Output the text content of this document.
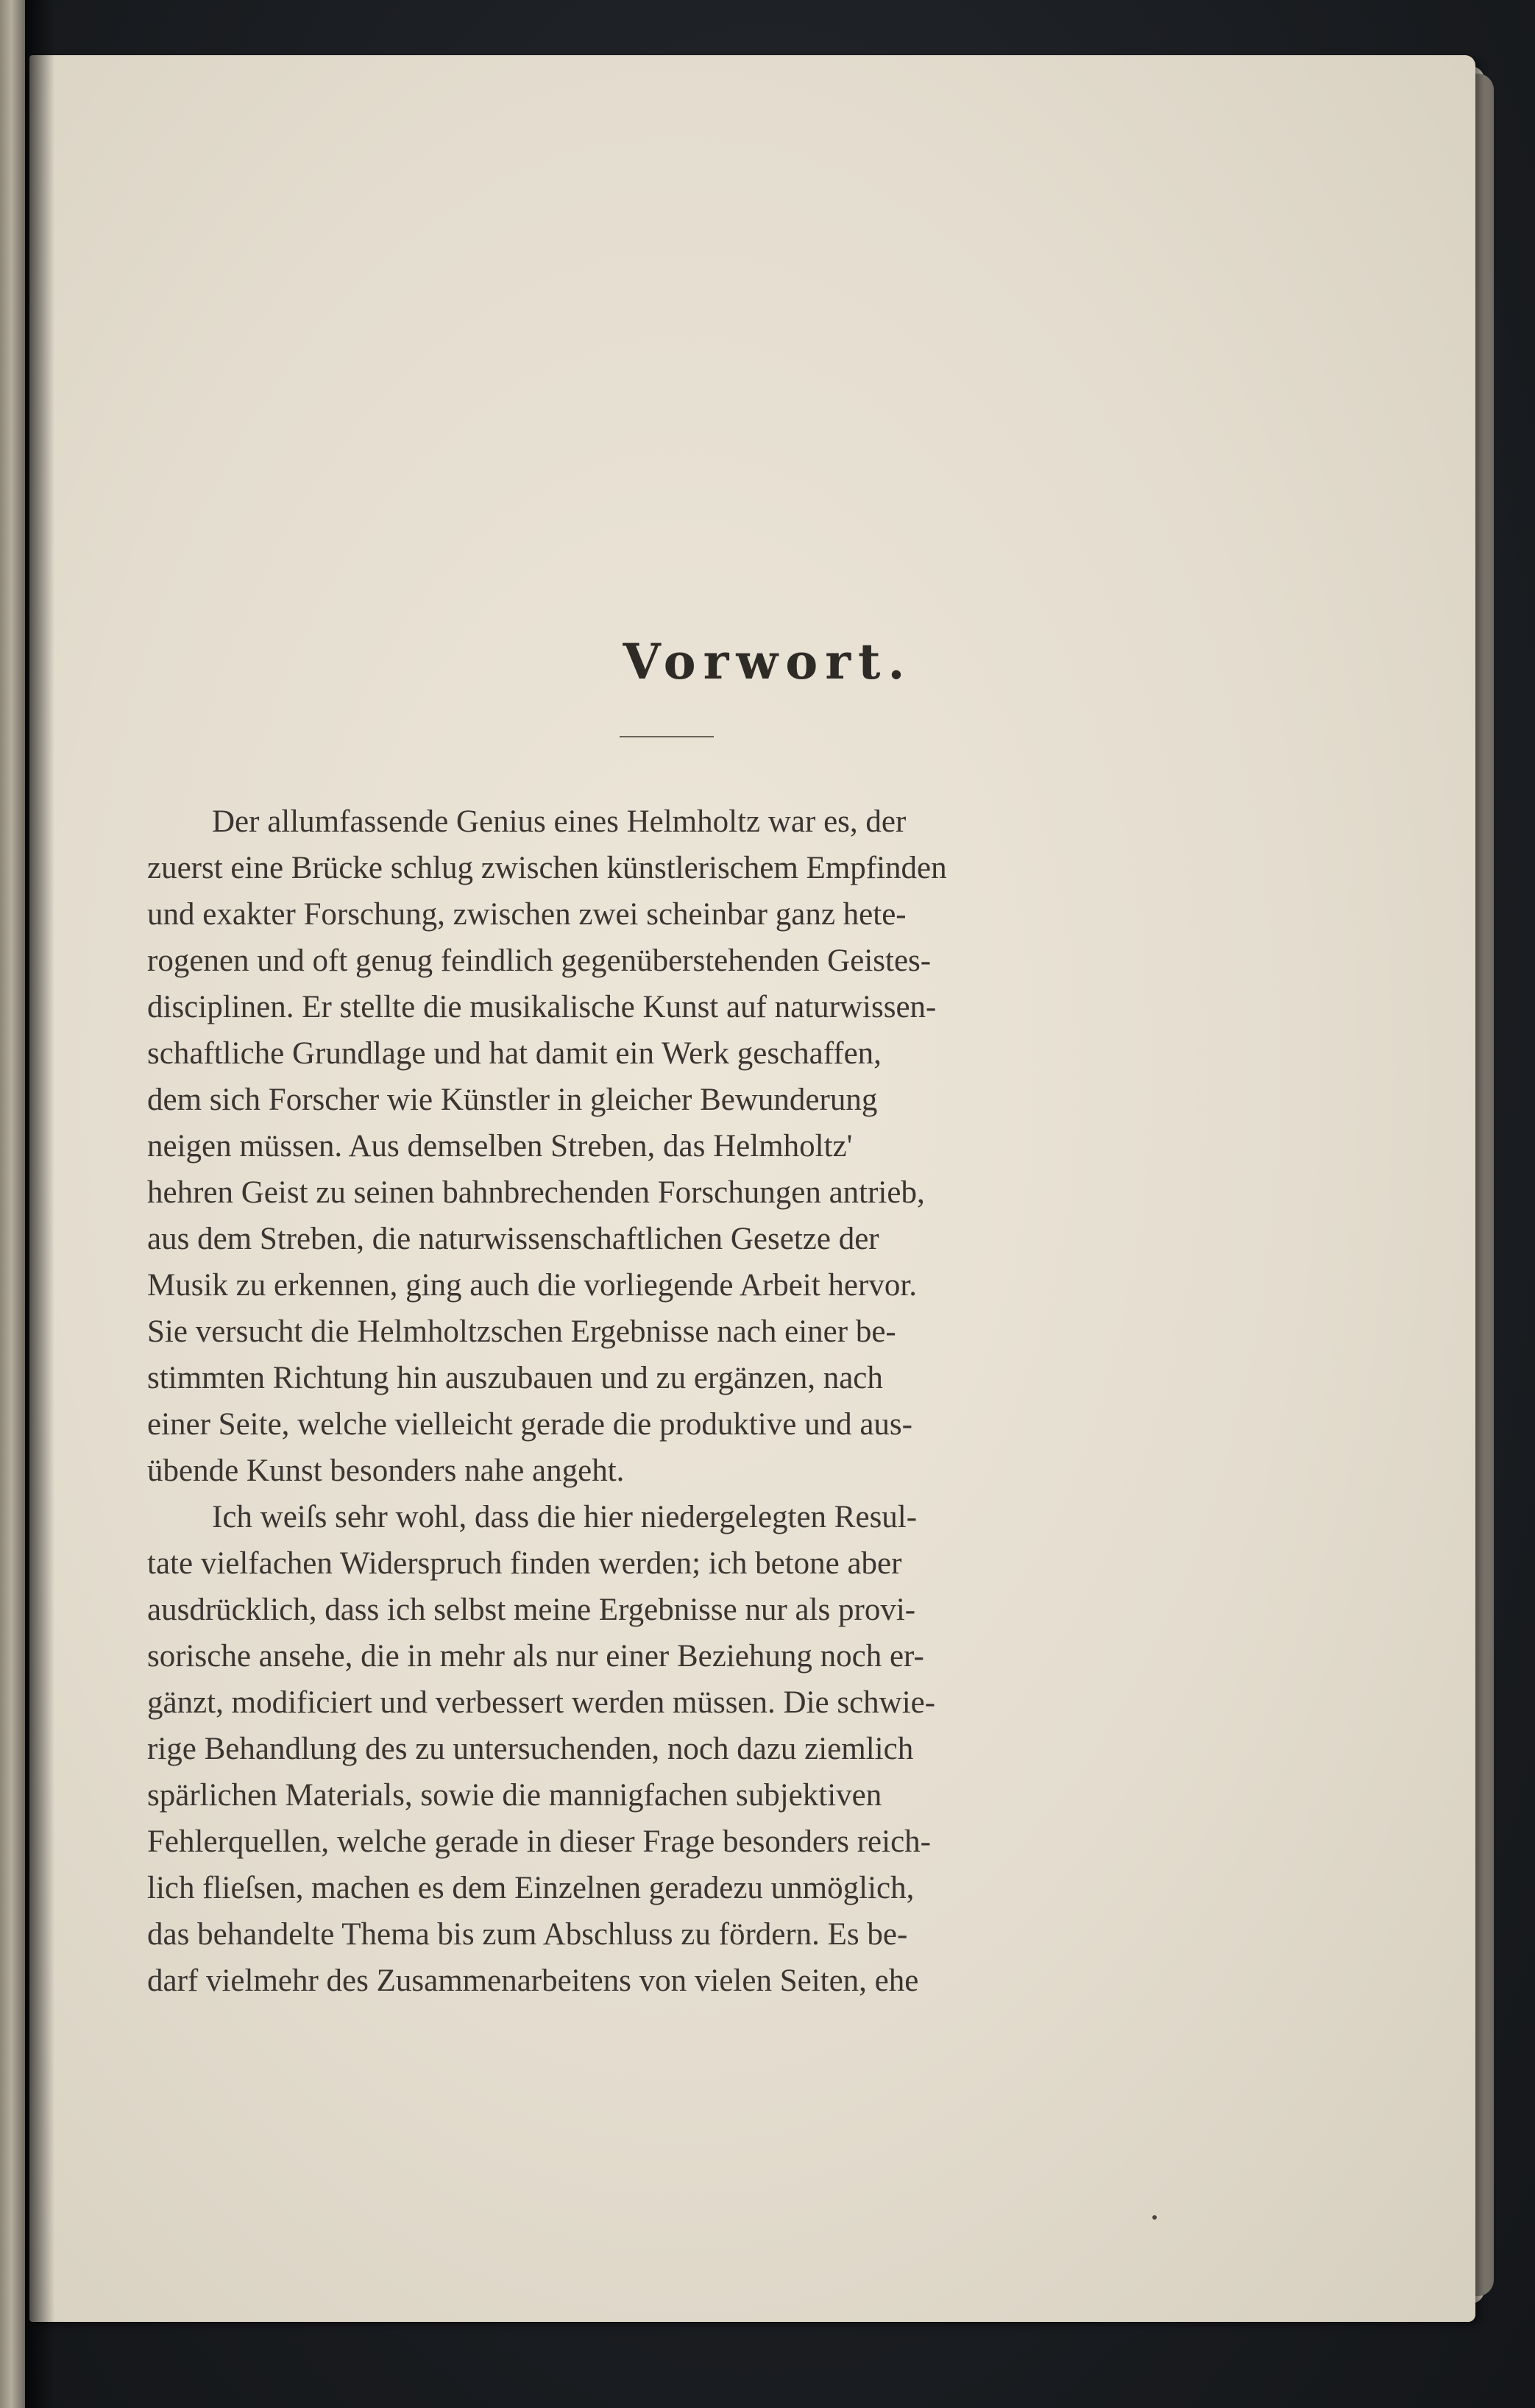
Vorwort.
Der allumfassende Genius eines Helmholtz war es, der
zuerst eine Brücke schlug zwischen künstlerischem Empfinden
und exakter Forschung, zwischen zwei scheinbar ganz hete-
rogenen und oft genug feindlich gegenüberstehenden Geistes-
disciplinen. Er stellte die musikalische Kunst auf naturwissen-
schaftliche Grundlage und hat damit ein Werk geschaffen,
dem sich Forscher wie Künstler in gleicher Bewunderung
neigen müssen. Aus demselben Streben, das Helmholtz'
hehren Geist zu seinen bahnbrechenden Forschungen antrieb,
aus dem Streben, die naturwissenschaftlichen Gesetze der
Musik zu erkennen, ging auch die vorliegende Arbeit hervor.
Sie versucht die Helmholtzschen Ergebnisse nach einer be-
stimmten Richtung hin auszubauen und zu ergänzen, nach
einer Seite, welche vielleicht gerade die produktive und aus-
übende Kunst besonders nahe angeht.
Ich weiſs sehr wohl, dass die hier niedergelegten Resul-
tate vielfachen Widerspruch finden werden; ich betone aber
ausdrücklich, dass ich selbst meine Ergebnisse nur als provi-
sorische ansehe, die in mehr als nur einer Beziehung noch er-
gänzt, modificiert und verbessert werden müssen. Die schwie-
rige Behandlung des zu untersuchenden, noch dazu ziemlich
spärlichen Materials, sowie die mannigfachen subjektiven
Fehlerquellen, welche gerade in dieser Frage besonders reich-
lich flieſsen, machen es dem Einzelnen geradezu unmöglich,
das behandelte Thema bis zum Abschluss zu fördern. Es be-
darf vielmehr des Zusammenarbeitens von vielen Seiten, ehe
